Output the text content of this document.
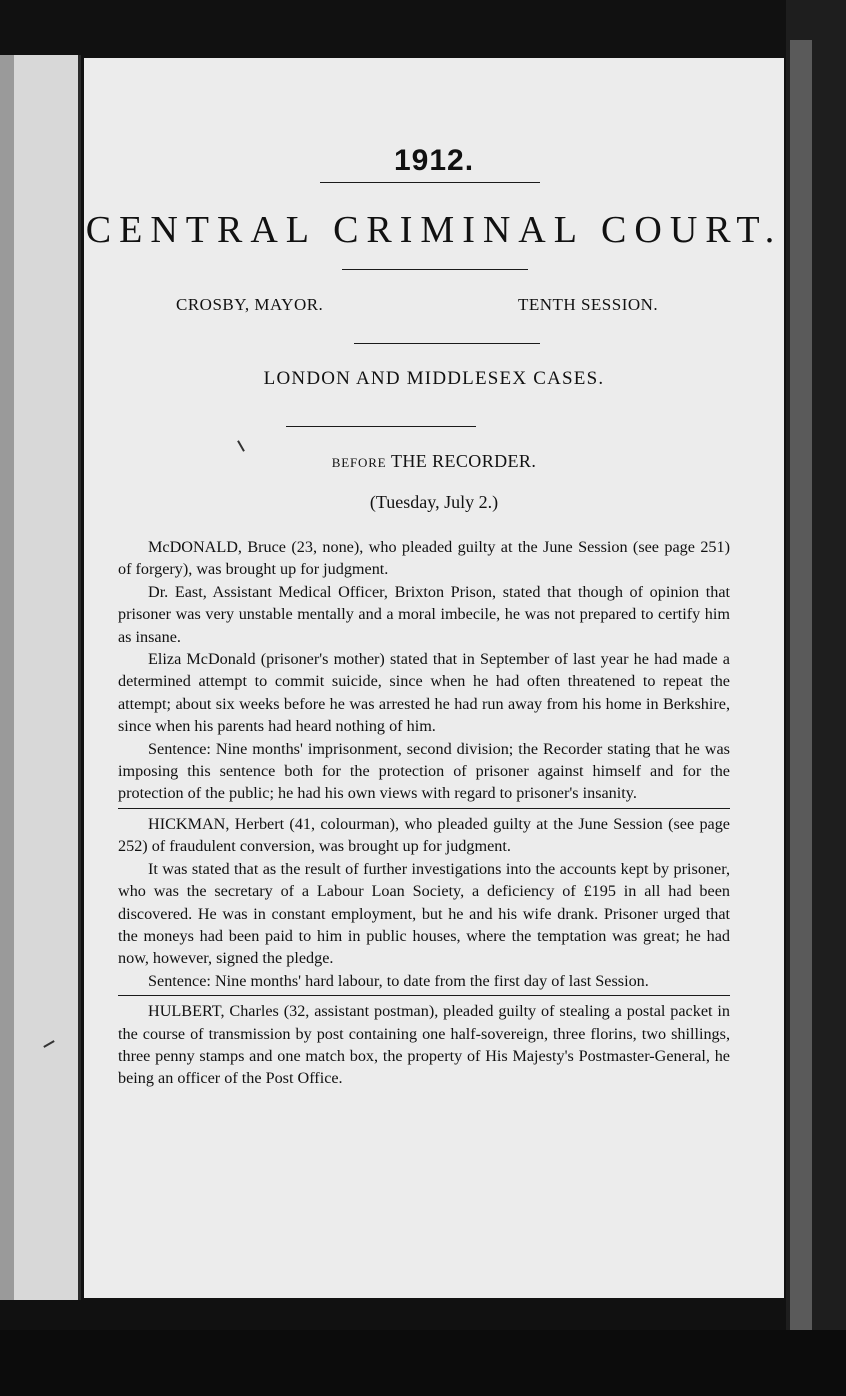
1912.
CENTRAL CRIMINAL COURT.
CROSBY, MAYOR.	TENTH SESSION.
LONDON AND MIDDLESEX CASES.
BEFORE THE RECORDER.
(Tuesday, July 2.)

McDONALD, Bruce (23, none), who pleaded guilty at the June Session (see page 251) of forgery), was brought up for judgment.

Dr. East, Assistant Medical Officer, Brixton Prison, stated that though of opinion that prisoner was very unstable mentally and a moral imbecile, he was not prepared to certify him as insane.

Eliza McDonald (prisoner's mother) stated that in September of last year he had made a determined attempt to commit suicide, since when he had often threatened to repeat the attempt; about six weeks before he was arrested he had run away from his home in Berkshire, since when his parents had heard nothing of him.

Sentence: Nine months' imprisonment, second division; the Recorder stating that he was imposing this sentence both for the protection of prisoner against himself and for the protection of the public; he had his own views with regard to prisoner's insanity.

HICKMAN, Herbert (41, colourman), who pleaded guilty at the June Session (see page 252) of fraudulent conversion, was brought up for judgment.

It was stated that as the result of further investigations into the accounts kept by prisoner, who was the secretary of a Labour Loan Society, a deficiency of £195 in all had been discovered. He was in constant employment, but he and his wife drank. Prisoner urged that the moneys had been paid to him in public houses, where the temptation was great; he had now, however, signed the pledge.

Sentence: Nine months' hard labour, to date from the first day of last Session.

HULBERT, Charles (32, assistant postman), pleaded guilty of stealing a postal packet in the course of transmission by post containing one half-sovereign, three florins, two shillings, three penny stamps and one match box, the property of His Majesty's Postmaster-General, he being an officer of the Post Office.
